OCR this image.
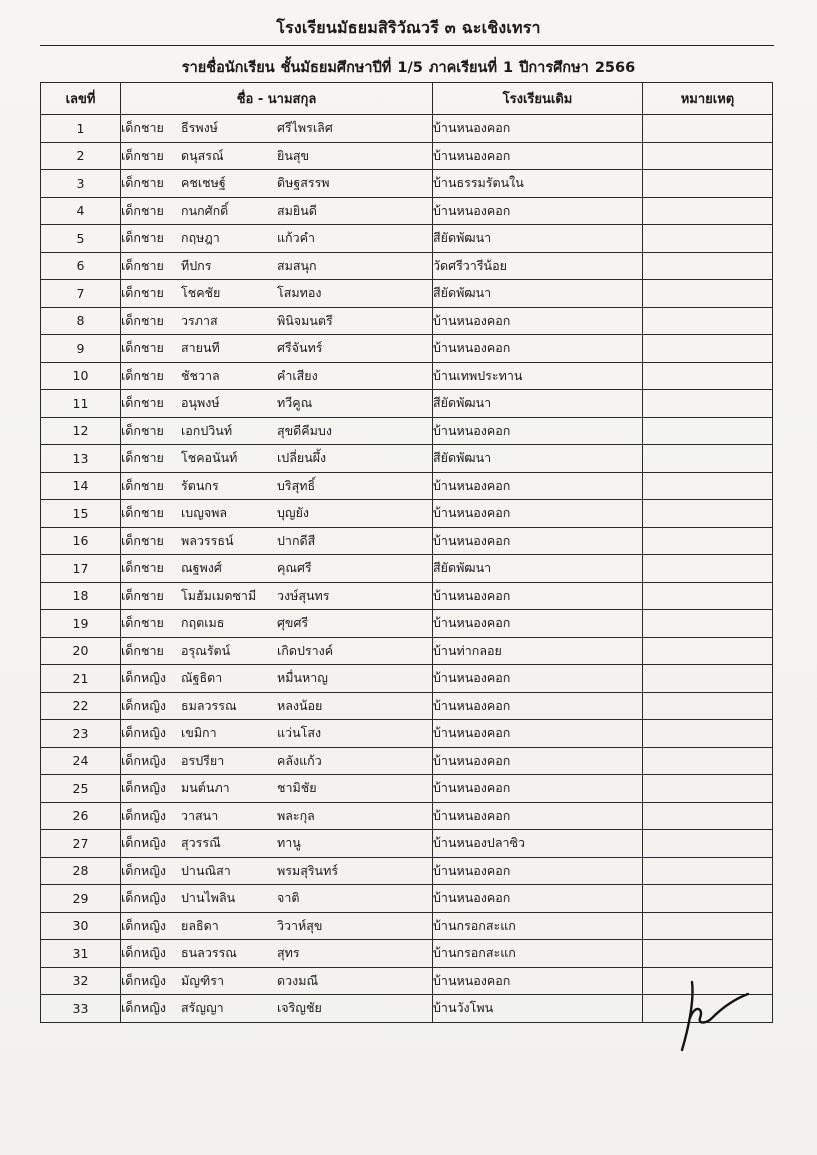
โรงเรียนมัธยมสิริวัณวรี ๓ ฉะเชิงเทรา
รายชื่อนักเรียน ชั้นมัธยมศึกษาปีที่ 1/5 ภาคเรียนที่ 1 ปีการศึกษา 2566
เลขที่	ชื่อ - นามสกุล	โรงเรียนเดิม	หมายเหตุ
1	เด็กชาย ธีรพงษ์ ศรีไพรเลิศ	บ้านหนองคอก	
2	เด็กชาย ดนุสรณ์ ยินสุข	บ้านหนองคอก	
3	เด็กชาย คชเชษฐ์ ดิษฐสรรพ	บ้านธรรมรัตนใน	
4	เด็กชาย กนกศักดิ์ สมยินดี	บ้านหนองคอก	
5	เด็กชาย กฤษฎา แก้วคำ	สียัดพัฒนา	
6	เด็กชาย ทีปกร สมสนุก	วัดศรีวารีน้อย	
7	เด็กชาย โชคชัย โสมทอง	สียัดพัฒนา	
8	เด็กชาย วรภาส พินิจมนตรี	บ้านหนองคอก	
9	เด็กชาย สายนที ศรีจันทร์	บ้านหนองคอก	
10	เด็กชาย ชัชวาล คำเสียง	บ้านเทพประทาน	
11	เด็กชาย อนุพงษ์ ทวีคูณ	สียัดพัฒนา	
12	เด็กชาย เอกปวินท์ สุขดีคีมบง	บ้านหนองคอก	
13	เด็กชาย โชคอนันท์ เปลี่ยนผึ้ง	สียัดพัฒนา	
14	เด็กชาย รัตนกร บริสุทธิ์	บ้านหนองคอก	
15	เด็กชาย เบญจพล บุญยัง	บ้านหนองคอก	
16	เด็กชาย พลวรรธน์ ปากดีสี	บ้านหนองคอก	
17	เด็กชาย ณฐพงศ์ คุณศรี	สียัดพัฒนา	
18	เด็กชาย โมฮัมเมดซามี วงษ์สุนทร	บ้านหนองคอก	
19	เด็กชาย กฤตเมธ ศุขศรี	บ้านหนองคอก	
20	เด็กชาย อรุณรัตน์ เกิดปรางค์	บ้านท่ากลอย	
21	เด็กหญิง ณัฐธิดา หมื่นหาญ	บ้านหนองคอก	
22	เด็กหญิง ธมลวรรณ หลงน้อย	บ้านหนองคอก	
23	เด็กหญิง เขมิกา แว่นโสง	บ้านหนองคอก	
24	เด็กหญิง อรปรียา คลังแก้ว	บ้านหนองคอก	
25	เด็กหญิง มนต์นภา ชามิชัย	บ้านหนองคอก	
26	เด็กหญิง วาสนา พละกุล	บ้านหนองคอก	
27	เด็กหญิง สุวรรณี ทานู	บ้านหนองปลาซิว	
28	เด็กหญิง ปานณิสา พรมสุรินทร์	บ้านหนองคอก	
29	เด็กหญิง ปานไพลิน จาติ	บ้านหนองคอก	
30	เด็กหญิง ยลธิดา วิวาห์สุข	บ้านกรอกสะแก	
31	เด็กหญิง ธนลวรรณ สุทร	บ้านกรอกสะแก	
32	เด็กหญิง มัญฑิรา ดวงมณี	บ้านหนองคอก	
33	เด็กหญิง สรัญญา เจริญชัย	บ้านวังโพน	
